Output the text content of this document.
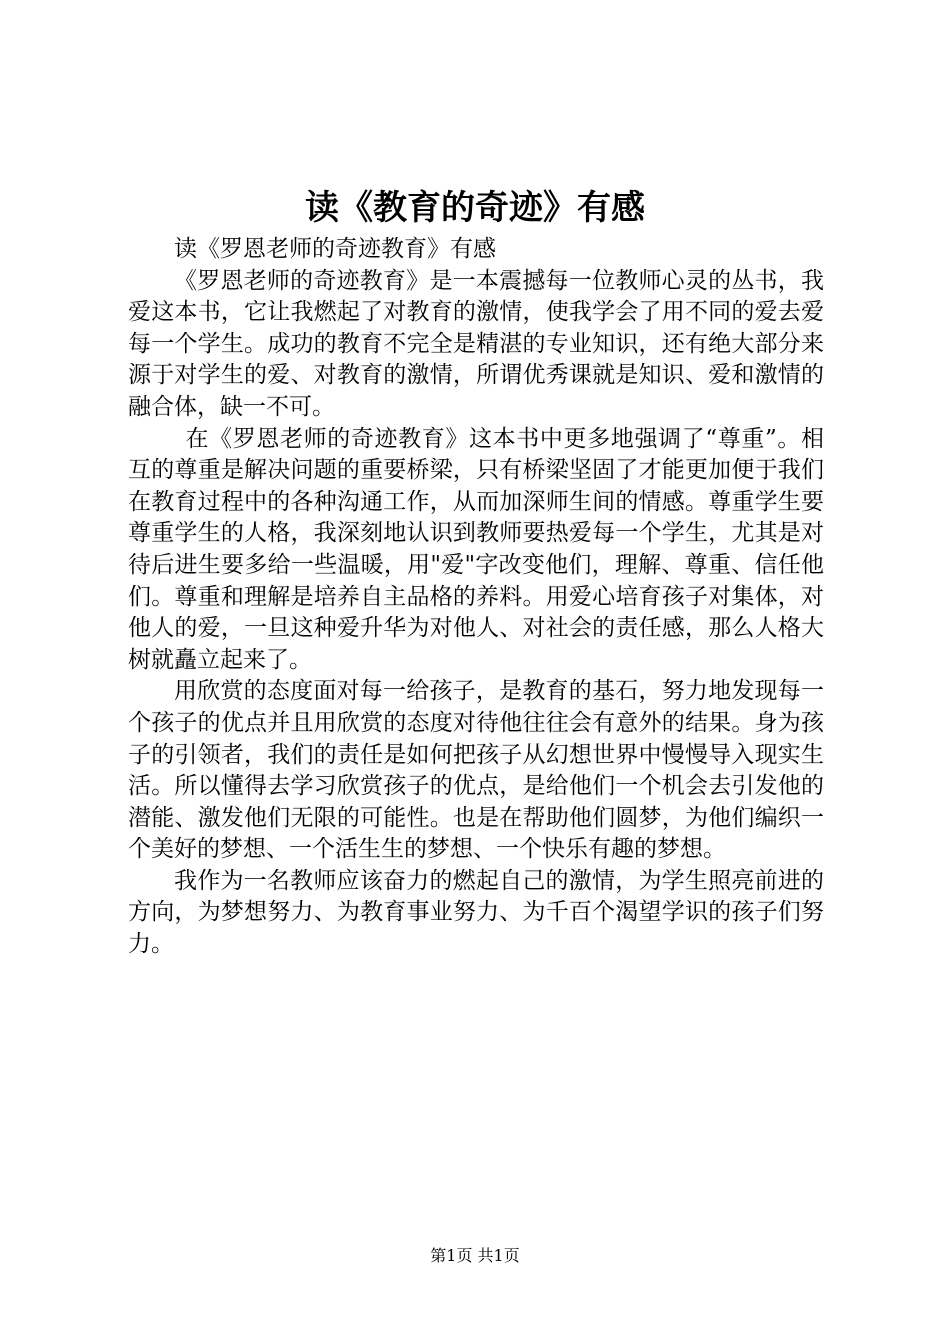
读《教育的奇迹》有感

读《罗恩老师的奇迹教育》有感

《罗恩老师的奇迹教育》是一本震撼每一位教师心灵的丛书，我爱这本书，它让我燃起了对教育的激情，使我学会了用不同的爱去爱每一个学生。成功的教育不完全是精湛的专业知识，还有绝大部分来源于对学生的爱、对教育的激情，所谓优秀课就是知识、爱和激情的融合体，缺一不可。

在《罗恩老师的奇迹教育》这本书中更多地强调了“尊重”。相互的尊重是解决问题的重要桥梁，只有桥梁坚固了才能更加便于我们在教育过程中的各种沟通工作，从而加深师生间的情感。尊重学生要尊重学生的人格，我深刻地认识到教师要热爱每一个学生，尤其是对待后进生要多给一些温暖，用"爱"字改变他们，理解、尊重、信任他们。尊重和理解是培养自主品格的养料。用爱心培育孩子对集体，对他人的爱，一旦这种爱升华为对他人、对社会的责任感，那么人格大树就矗立起来了。

用欣赏的态度面对每一给孩子，是教育的基石，努力地发现每一个孩子的优点并且用欣赏的态度对待他往往会有意外的结果。身为孩子的引领者，我们的责任是如何把孩子从幻想世界中慢慢导入现实生活。所以懂得去学习欣赏孩子的优点，是给他们一个机会去引发他的潜能、激发他们无限的可能性。也是在帮助他们圆梦，为他们编织一个美好的梦想、一个活生生的梦想、一个快乐有趣的梦想。

我作为一名教师应该奋力的燃起自己的激情，为学生照亮前进的方向，为梦想努力、为教育事业努力、为千百个渴望学识的孩子们努力。

第1页 共1页
